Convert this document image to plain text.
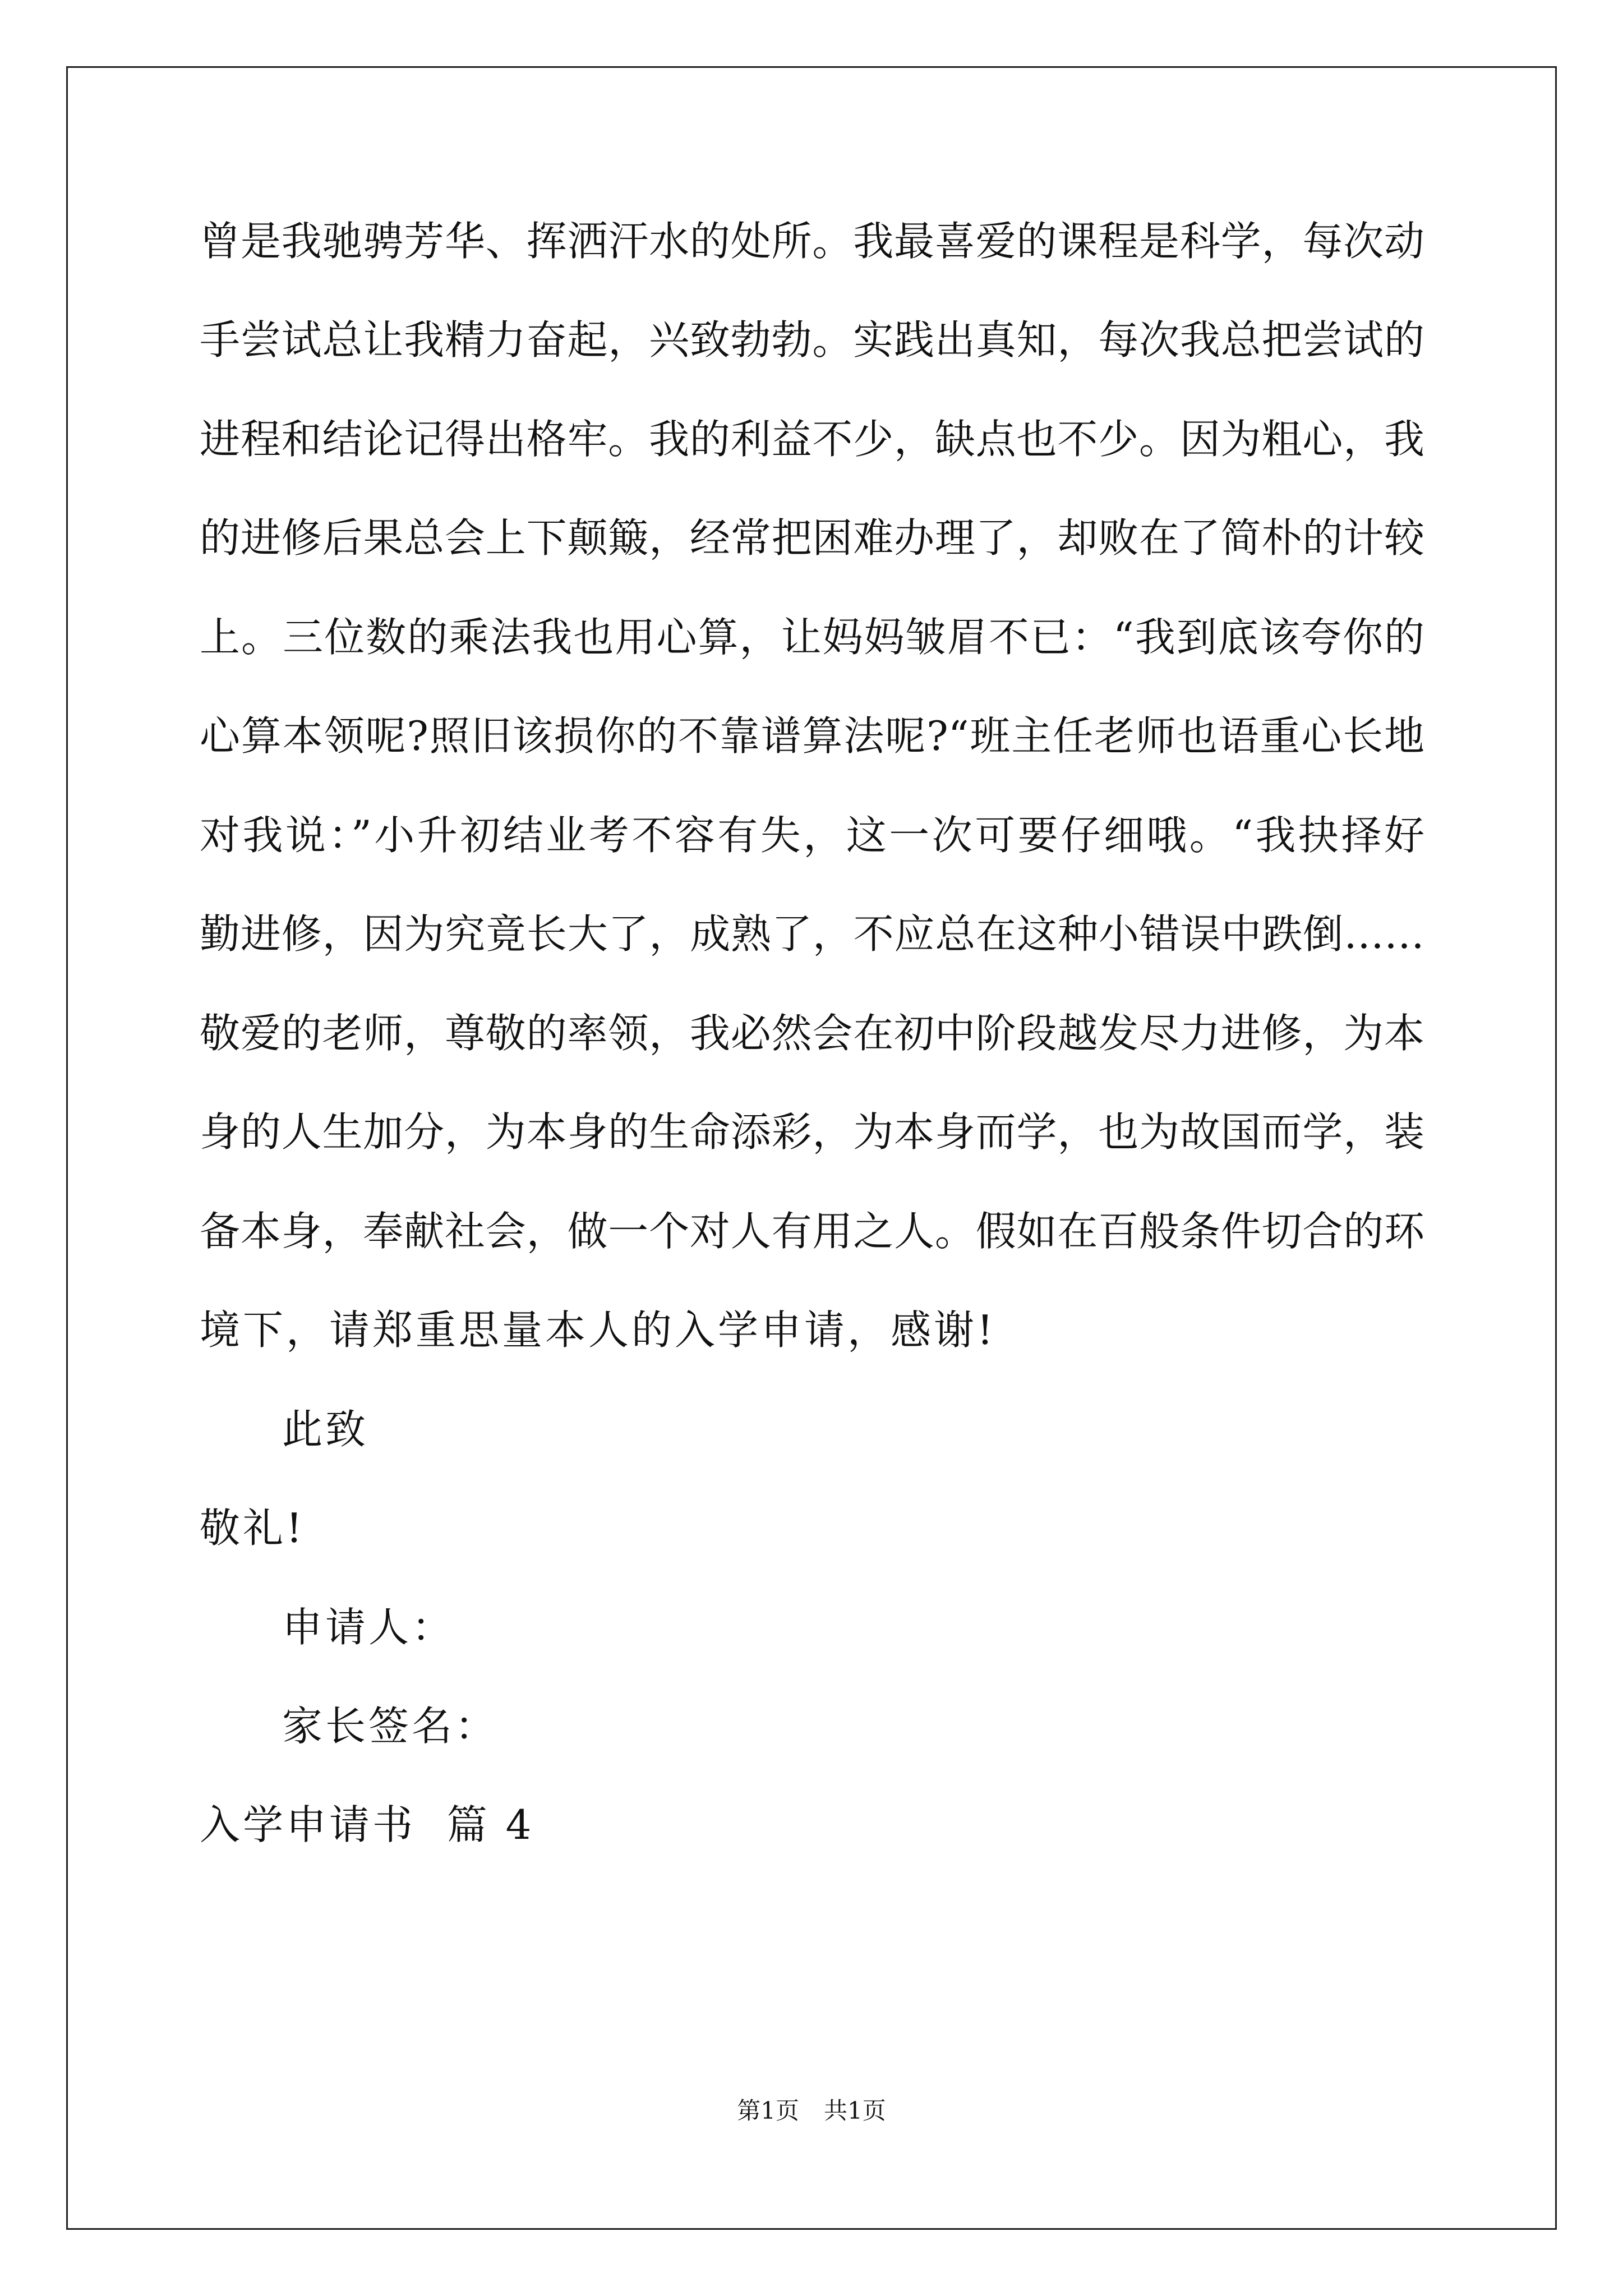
曾是我驰骋芳华、挥洒汗水的处所。我最喜爱的课程是科学，每次动
手尝试总让我精力奋起，兴致勃勃。实践出真知，每次我总把尝试的
进程和结论记得出格牢。我的利益不少，缺点也不少。因为粗心，我
的进修后果总会上下颠簸，经常把困难办理了，却败在了简朴的计较
上。三位数的乘法我也用心算，让妈妈皱眉不已：“我到底该夸你的
心算本领呢?照旧该损你的不靠谱算法呢?“班主任老师也语重心长地
对我说：”小升初结业考不容有失，这一次可要仔细哦。“我抉择好
勤进修，因为究竟长大了，成熟了，不应总在这种小错误中跌倒……
敬爱的老师，尊敬的率领，我必然会在初中阶段越发尽力进修，为本
身的人生加分，为本身的生命添彩，为本身而学，也为故国而学，装
备本身，奉献社会，做一个对人有用之人。假如在百般条件切合的环
境下，请郑重思量本人的入学申请，感谢!
此致
敬礼!
申请人：
家长签名：
入学申请书  篇 4
第1页 共1页
